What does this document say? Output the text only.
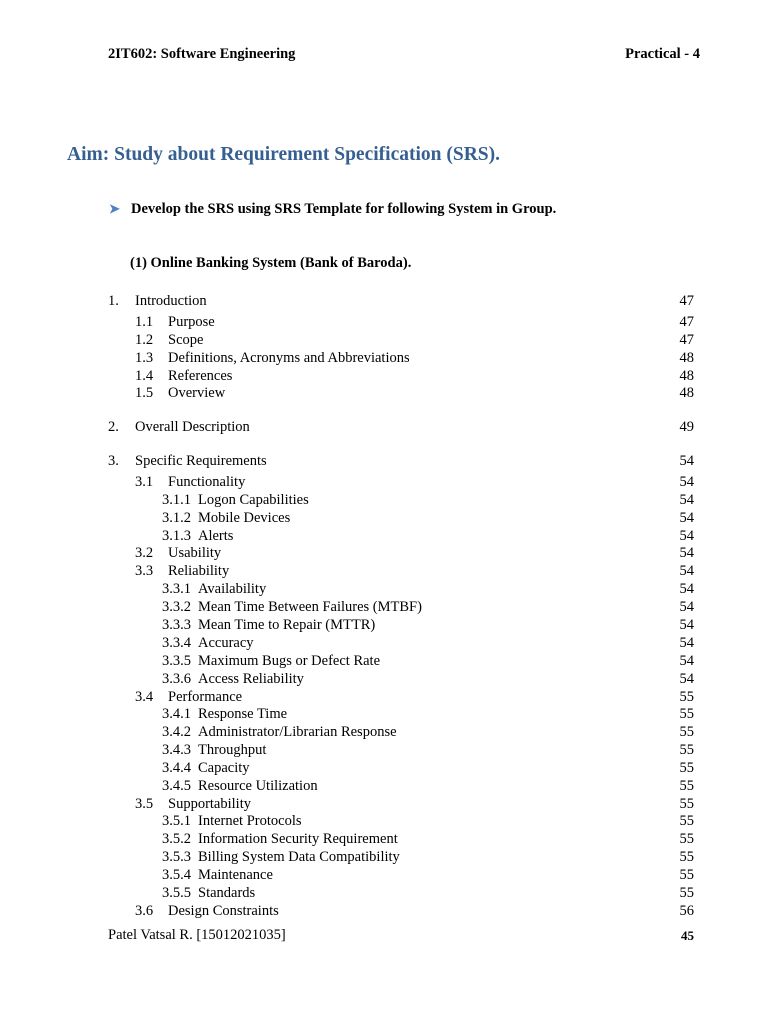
2IT602: Software Engineering	Practical - 4
Aim: Study about Requirement Specification (SRS).
➤ Develop the SRS using SRS Template for following System in Group.
(1) Online Banking System (Bank of Baroda).
1. Introduction	47
1.1 Purpose	47
1.2 Scope	47
1.3 Definitions, Acronyms and Abbreviations	48
1.4 References	48
1.5 Overview	48
2. Overall Description	49
3. Specific Requirements	54
3.1 Functionality	54
3.1.1 Logon Capabilities	54
3.1.2 Mobile Devices	54
3.1.3 Alerts	54
3.2 Usability	54
3.3 Reliability	54
3.3.1 Availability	54
3.3.2 Mean Time Between Failures (MTBF)	54
3.3.3 Mean Time to Repair (MTTR)	54
3.3.4 Accuracy	54
3.3.5 Maximum Bugs or Defect Rate	54
3.3.6 Access Reliability	54
3.4 Performance	55
3.4.1 Response Time	55
3.4.2 Administrator/Librarian Response	55
3.4.3 Throughput	55
3.4.4 Capacity	55
3.4.5 Resource Utilization	55
3.5 Supportability	55
3.5.1 Internet Protocols	55
3.5.2 Information Security Requirement	55
3.5.3 Billing System Data Compatibility	55
3.5.4 Maintenance	55
3.5.5 Standards	55
3.6 Design Constraints	56
Patel Vatsal R. [15012021035]	45
